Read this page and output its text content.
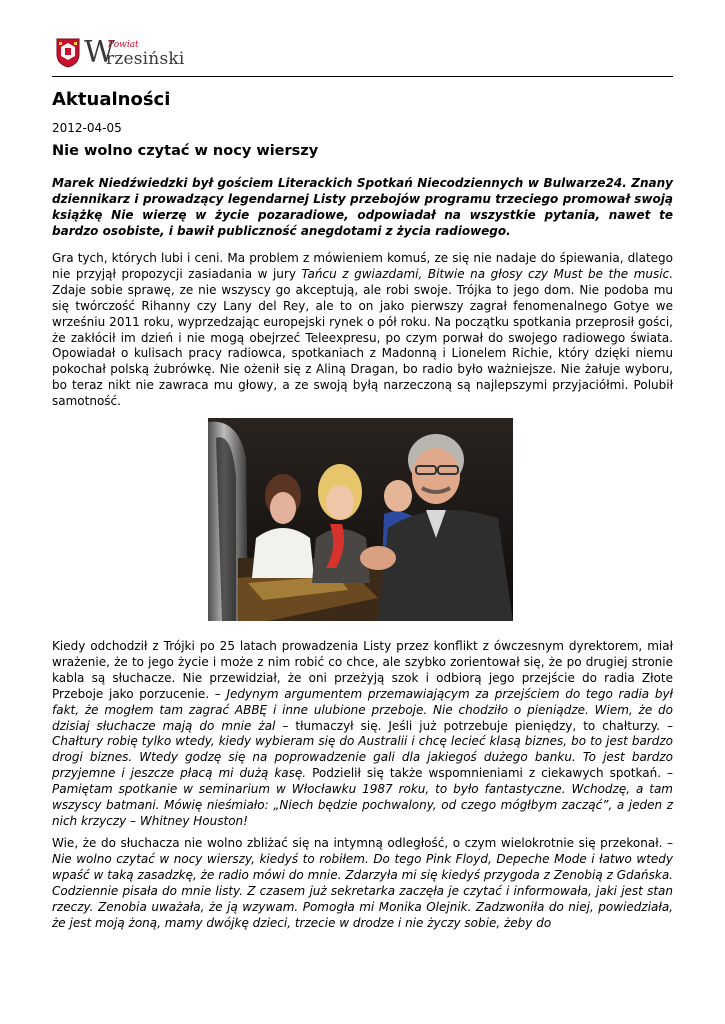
W
Powiat
rzesiński
Aktualności
2012-04-05
Nie wolno czytać w nocy wierszy

Marek Niedźwiedzki był gościem Literackich Spotkań Niecodziennych w Bulwarze24. Znany dziennikarz i prowadzący legendarnej Listy przebojów programu trzeciego promował swoją książkę Nie wierzę w życie pozaradiowe, odpowiadał na wszystkie pytania, nawet te bardzo osobiste, i bawił publiczność anegdotami z życia radiowego.

Gra tych, których lubi i ceni. Ma problem z mówieniem komuś, ze się nie nadaje do śpiewania, dlatego nie przyjął propozycji zasiadania w jury Tańcu z gwiazdami, Bitwie na głosy czy Must be the music. Zdaje sobie sprawę, ze nie wszyscy go akceptują, ale robi swoje. Trójka to jego dom. Nie podoba mu się twórczość Rihanny czy Lany del Rey, ale to on jako pierwszy zagrał fenomenalnego Gotye we wrześniu 2011 roku, wyprzedzając europejski rynek o pół roku. Na początku spotkania przeprosił gości, że zakłócił im dzień i nie mogą obejrzeć Teleexpresu, po czym porwał do swojego radiowego świata. Opowiadał o kulisach pracy radiowca, spotkaniach z Madonną i Lionelem Richie, który dzięki niemu pokochał polską żubrówkę. Nie ożenił się z Aliną Dragan, bo radio było ważniejsze. Nie żałuje wyboru, bo teraz nikt nie zawraca mu głowy, a ze swoją byłą narzeczoną są najlepszymi przyjaciółmi. Polubił samotność.

Kiedy odchodził z Trójki po 25 latach prowadzenia Listy przez konflikt z ówczesnym dyrektorem, miał wrażenie, że to jego życie i może z nim robić co chce, ale szybko zorientował się, że po drugiej stronie kabla są słuchacze. Nie przewidział, że oni przeżyją szok i odbiorą jego przejście do radia Złote Przeboje jako porzucenie. – Jedynym argumentem przemawiającym za przejściem do tego radia był fakt, że mogłem tam zagrać ABBĘ i inne ulubione przeboje. Nie chodziło o pieniądze. Wiem, że do dzisiaj słuchacze mają do mnie żal – tłumaczył się. Jeśli już potrzebuje pieniędzy, to chałturzy. – Chałtury robię tylko wtedy, kiedy wybieram się do Australii i chcę lecieć klasą biznes, bo to jest bardzo drogi biznes. Wtedy godzę się na poprowadzenie gali dla jakiegoś dużego banku. To jest bardzo przyjemne i jeszcze płacą mi dużą kasę. Podzielił się także wspomnieniami z ciekawych spotkań. – Pamiętam spotkanie w seminarium w Włocławku 1987 roku, to było fantastyczne. Wchodzę, a tam wszyscy batmani. Mówię nieśmiało: „Niech będzie pochwalony, od czego mógłbym zacząć”, a jeden z nich krzyczy – Whitney Houston!

Wie, że do słuchacza nie wolno zbliżać się na intymną odległość, o czym wielokrotnie się przekonał. – Nie wolno czytać w nocy wierszy, kiedyś to robiłem. Do tego Pink Floyd, Depeche Mode i łatwo wtedy wpaść w taką zasadzkę, że radio mówi do mnie. Zdarzyła mi się kiedyś przygoda z Zenobią z Gdańska. Codziennie pisała do mnie listy. Z czasem już sekretarka zaczęła je czytać i informowała, jaki jest stan rzeczy. Zenobia uważała, że ją wzywam. Pomogła mi Monika Olejnik. Zadzwoniła do niej, powiedziała, że jest moją żoną, mamy dwójkę dzieci, trzecie w drodze i nie życzy sobie, żeby do
